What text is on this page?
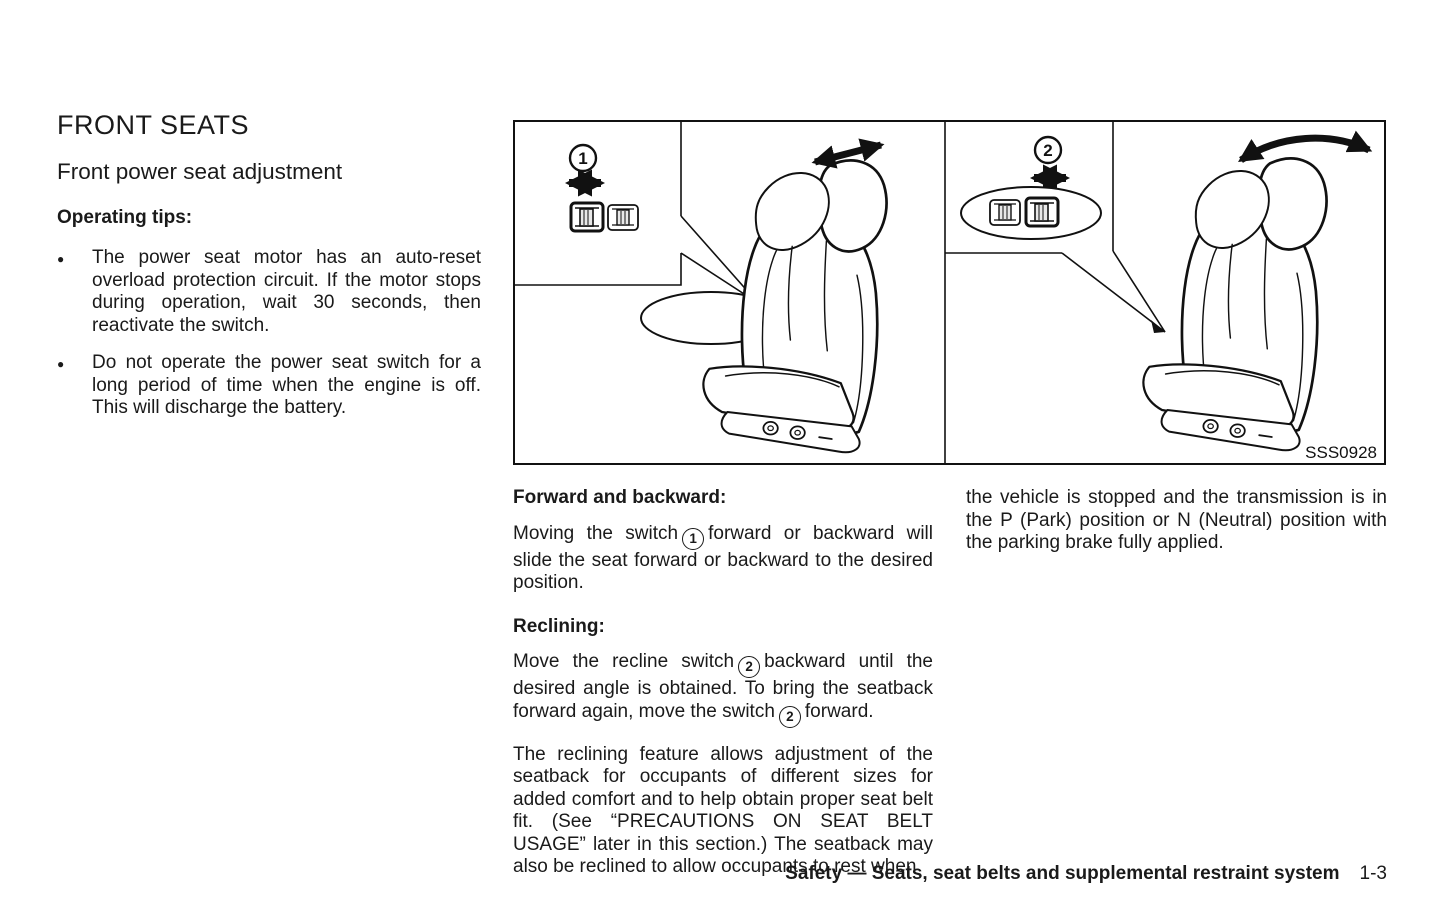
FRONT SEATS
Front power seat adjustment
Operating tips:
●	The power seat motor has an auto-reset overload protection circuit. If the motor stops during operation, wait 30 seconds, then reactivate the switch.
●	Do not operate the power seat switch for a long period of time when the engine is off. This will discharge the battery.
1	2
SSS0928
Forward and backward:

Moving the switch 1 forward or backward will slide the seat forward or backward to the desired position.

Reclining:

Move the recline switch 2 backward until the desired angle is obtained. To bring the seatback forward again, move the switch 2 forward.

The reclining feature allows adjustment of the seatback for occupants of different sizes for added comfort and to help obtain proper seat belt fit. (See “PRECAUTIONS ON SEAT BELT USAGE” later in this section.) The seatback may also be reclined to allow occupants to rest when

the vehicle is stopped and the transmission is in the P (Park) position or N (Neutral) position with the parking brake fully applied.

Safety — Seats, seat belts and supplemental restraint system 1-3
